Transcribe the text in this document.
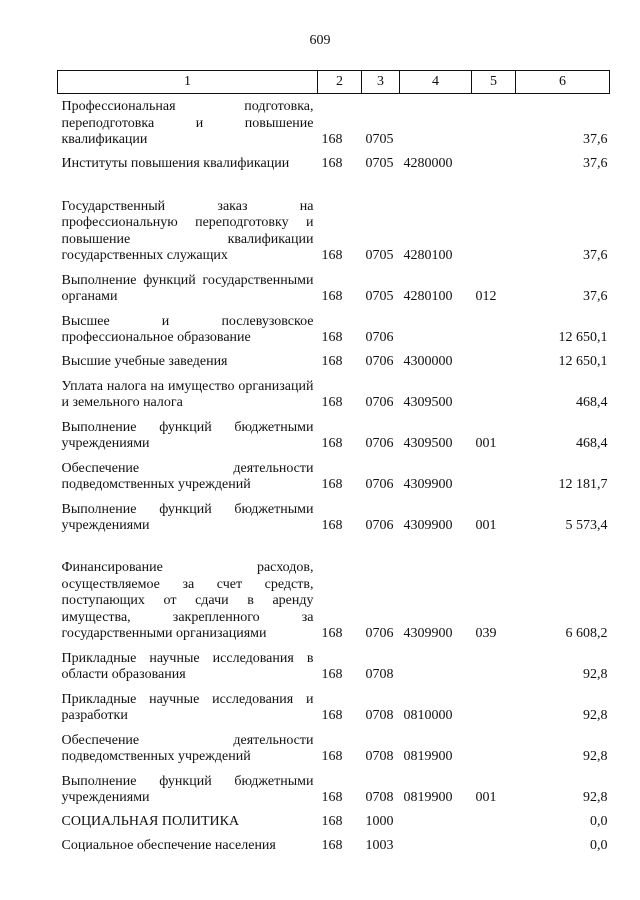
609
1	2	3	4	5	6
Профессиональная подготовка, переподготовка и повышение квалификации	168	0705			37,6
Институты повышения квалификации	168	0705	4280000		37,6
Государственный заказ на профессиональную переподготовку и повышение квалификации государственных служащих	168	0705	4280100		37,6
Выполнение функций государственными органами	168	0705	4280100	012	37,6
Высшее и послевузовское профессиональное образование	168	0706			12 650,1
Высшие учебные заведения	168	0706	4300000		12 650,1
Уплата налога на имущество организаций и земельного налога	168	0706	4309500		468,4
Выполнение функций бюджетными учреждениями	168	0706	4309500	001	468,4
Обеспечение деятельности подведомственных учреждений	168	0706	4309900		12 181,7
Выполнение функций бюджетными учреждениями	168	0706	4309900	001	5 573,4
Финансирование расходов, осуществляемое за счет средств, поступающих от сдачи в аренду имущества, закрепленного за государственными организациями	168	0706	4309900	039	6 608,2
Прикладные научные исследования в области образования	168	0708			92,8
Прикладные научные исследования и разработки	168	0708	0810000		92,8
Обеспечение деятельности подведомственных учреждений	168	0708	0819900		92,8
Выполнение функций бюджетными учреждениями	168	0708	0819900	001	92,8
СОЦИАЛЬНАЯ ПОЛИТИКА	168	1000			0,0
Социальное обеспечение населения	168	1003			0,0
